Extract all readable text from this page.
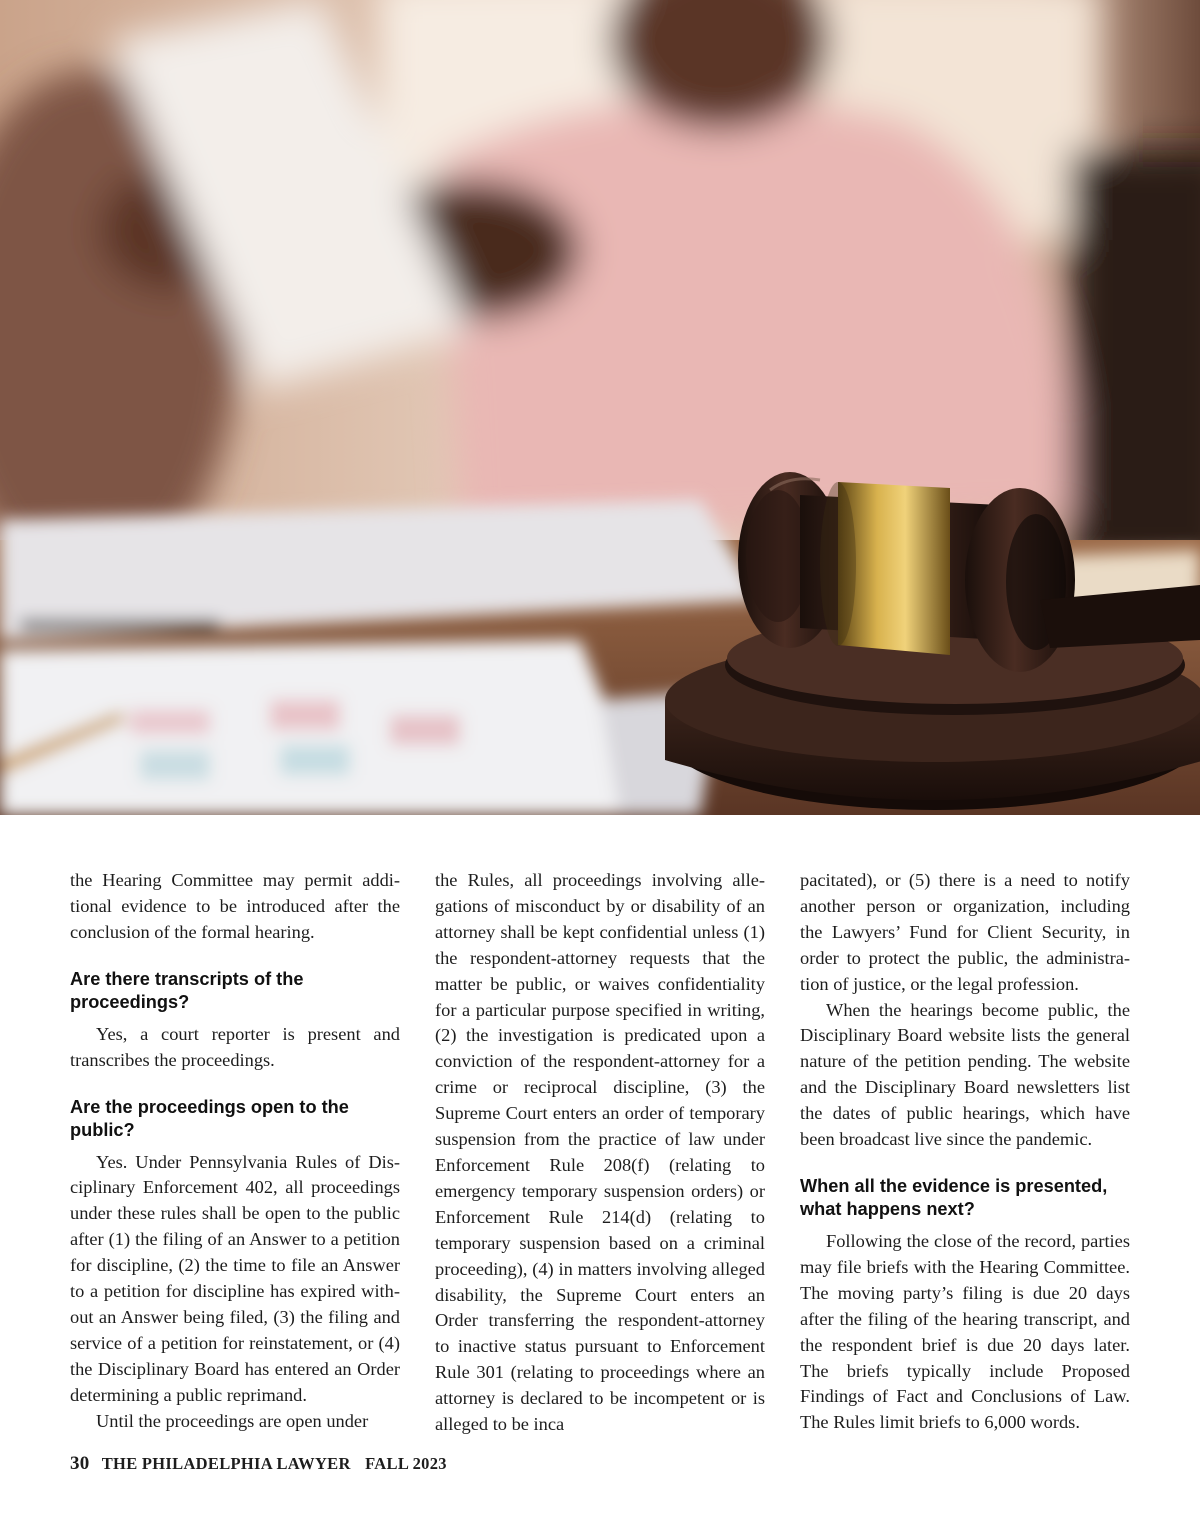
the Hearing Committee may permit additional evidence to be introduced after the conclusion of the formal hearing.

Are there transcripts of the proceedings?

Yes, a court reporter is present and transcribes the proceedings.

Are the proceedings open to the public?

Yes. Under Pennsylvania Rules of Disciplinary Enforcement 402, all proceedings under these rules shall be open to the public after (1) the filing of an Answer to a petition for discipline, (2) the time to file an Answer to a petition for discipline has expired without an Answer being filed, (3) the filing and service of a petition for reinstatement, or (4) the Disciplinary Board has entered an Order determining a public reprimand.

Until the proceedings are open under

the Rules, all proceedings involving allegations of misconduct by or disability of an attorney shall be kept confidential unless (1) the respondent-attorney requests that the matter be public, or waives confidentiality for a particular purpose specified in writing, (2) the investigation is predicated upon a conviction of the respondent-attorney for a crime or reciprocal discipline, (3) the Supreme Court enters an order of temporary suspension from the practice of law under Enforcement Rule 208(f) (relating to emergency temporary suspension orders) or Enforcement Rule 214(d) (relating to temporary suspension based on a criminal proceeding), (4) in matters involving alleged disability, the Supreme Court enters an Order transferring the respondent-attorney to inactive status pursuant to Enforcement Rule 301 (relating to proceedings where an attorney is declared to be incompetent or is alleged to be inca

pacitated), or (5) there is a need to notify another person or organization, including the Lawyers’ Fund for Client Security, in order to protect the public, the administration of justice, or the legal profession.

When the hearings become public, the Disciplinary Board website lists the general nature of the petition pending. The website and the Disciplinary Board newsletters list the dates of public hearings, which have been broadcast live since the pandemic.

When all the evidence is presented, what happens next?

Following the close of the record, parties may file briefs with the Hearing Committee. The moving party’s filing is due 20 days after the filing of the hearing transcript, and the respondent brief is due 20 days later. The briefs typically include Proposed Findings of Fact and Conclusions of Law. The Rules limit briefs to 6,000 words.

30 THE PHILADELPHIA LAWYER FALL 2023
